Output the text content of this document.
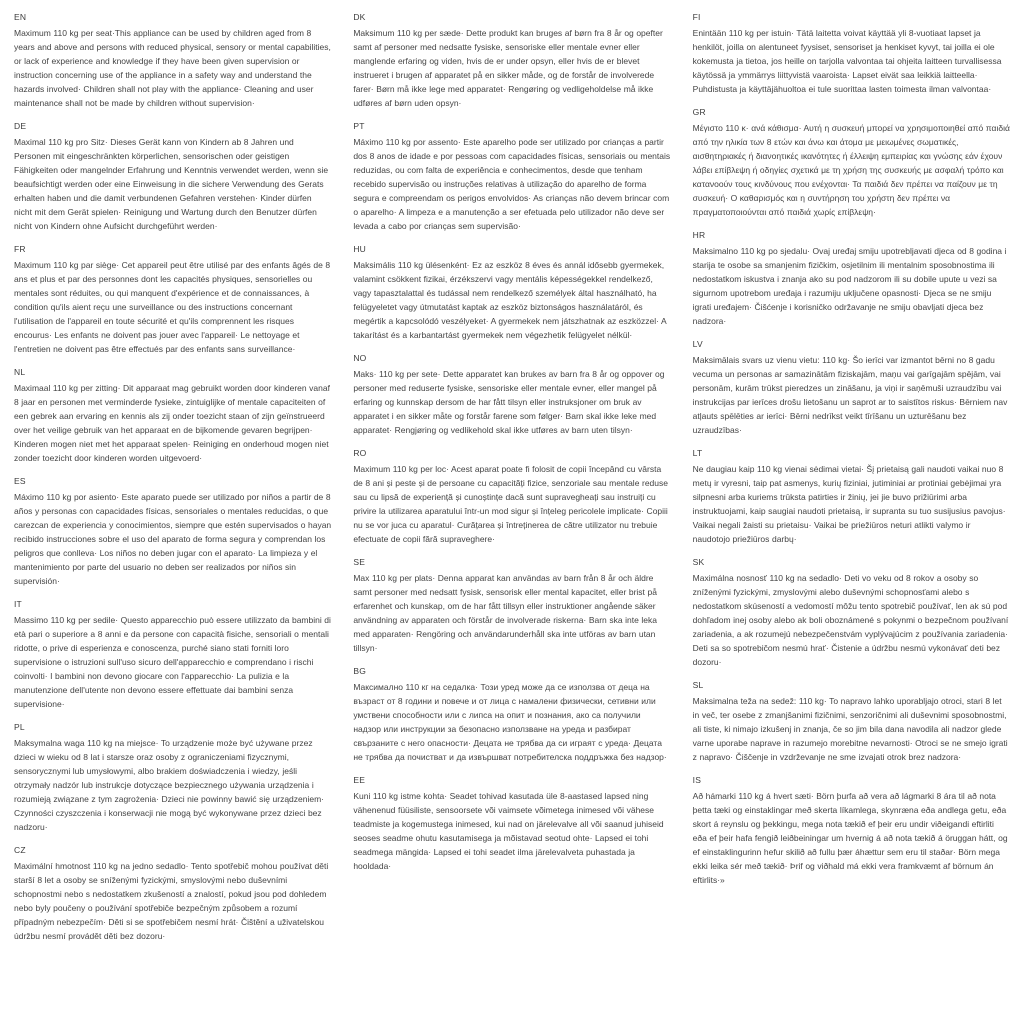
EN

Maximum 110 kg per seat·This appliance can be used by children aged from 8 years and above and persons with reduced physical, sensory or mental capabilities, or lack of experience and knowledge if they have been given supervision or instruction concerning use of the appliance in a safety way and understand the hazards involved· Children shall not play with the appliance· Cleaning and user maintenance shall not be made by children without supervision·

DE

Maximal 110 kg pro Sitz· Dieses Gerät kann von Kindern ab 8 Jahren und Personen mit eingeschränkten körperlichen, sensorischen oder geistigen Fähigkeiten oder mangelnder Erfahrung und Kenntnis verwendet werden, wenn sie beaufsichtigt werden oder eine Einweisung in die sichere Verwendung des Gerats erhalten haben und die damit verbundenen Gefahren verstehen· Kinder dürfen nicht mit dem Gerät spielen· Reinigung und Wartung durch den Benutzer dürfen nicht von Kindern ohne Aufsicht durchgeführt werden·

FR

Maximum 110 kg par siège· Cet appareil peut être utilisé par des enfants âgés de 8 ans et plus et par des personnes dont les capacités physiques, sensorielles ou mentales sont réduites, ou qui manquent d'expérience et de connaissances, à condition qu'ils aient reçu une surveillance ou des instructions concernant l'utilisation de l'appareil en toute sécurité et qu'ils comprennent les risques encourus· Les enfants ne doivent pas jouer avec l'appareil· Le nettoyage et l'entretien ne doivent pas être effectués par des enfants sans surveillance·

NL

Maximaal 110 kg per zitting· Dit apparaat mag gebruikt worden door kinderen vanaf 8 jaar en personen met verminderde fysieke, zintuiglijke of mentale capaciteiten of een gebrek aan ervaring en kennis als zij onder toezicht staan of zijn geïnstrueerd over het veilige gebruik van het apparaat en de bijkomende gevaren begrijpen· Kinderen mogen niet met het apparaat spelen· Reiniging en onderhoud mogen niet zonder toezicht door kinderen worden uitgevoerd·

ES

Máximo 110 kg por asiento· Este aparato puede ser utilizado por niños a partir de 8 años y personas con capacidades físicas, sensoriales o mentales reducidas, o que carezcan de experiencia y conocimientos, siempre que estén supervisados o hayan recibido instrucciones sobre el uso del aparato de forma segura y comprendan los peligros que conlleva· Los niños no deben jugar con el aparato· La limpieza y el mantenimiento por parte del usuario no deben ser realizados por niños sin supervisión·

IT

Massimo 110 kg per sedile· Questo apparecchio può essere utilizzato da bambini di età pari o superiore a 8 anni e da persone con capacità fisiche, sensoriali o mentali ridotte, o prive di esperienza e conoscenza, purché siano stati forniti loro supervisione o istruzioni sull'uso sicuro dell'apparecchio e comprendano i rischi coinvolti· I bambini non devono giocare con l'apparecchio· La pulizia e la manutenzione dell'utente non devono essere effettuate dai bambini senza supervisione·

PL

Maksymalna waga 110 kg na miejsce· To urządzenie może być używane przez dzieci w wieku od 8 lat i starsze oraz osoby z ograniczeniami fizycznymi, sensorycznymi lub umysłowymi, albo brakiem doświadczenia i wiedzy, jeśli otrzymały nadzór lub instrukcje dotyczące bezpiecznego używania urządzenia i rozumieją związane z tym zagrożenia· Dzieci nie powinny bawić się urządzeniem· Czynności czyszczenia i konserwacji nie mogą być wykonywane przez dzieci bez nadzoru·

CZ

Maximální hmotnost 110 kg na jedno sedadlo· Tento spotřebič mohou používat děti starší 8 let a osoby se sníženými fyzickými, smyslovými nebo duševními schopnostmi nebo s nedostatkem zkušeností a znalostí, pokud jsou pod dohledem nebo byly poučeny o používání spotřebiče bezpečným způsobem a rozumí případným nebezpečím· Děti si se spotřebičem nesmí hrát· Čištění a uživatelskou údržbu nesmí provádět děti bez dozoru·

DK

Maksimum 110 kg per sæde· Dette produkt kan bruges af børn fra 8 år og opefter samt af personer med nedsatte fysiske, sensoriske eller mentale evner eller manglende erfaring og viden, hvis de er under opsyn, eller hvis de er blevet instrueret i brugen af apparatet på en sikker måde, og de forstår de involverede farer· Børn må ikke lege med apparatet· Rengøring og vedligeholdelse må ikke udføres af børn uden opsyn·

PT

Máximo 110 kg por assento· Este aparelho pode ser utilizado por crianças a partir dos 8 anos de idade e por pessoas com capacidades físicas, sensoriais ou mentais reduzidas, ou com falta de experiência e conhecimentos, desde que tenham recebido supervisão ou instruções relativas à utilização do aparelho de forma segura e compreendam os perigos envolvidos· As crianças não devem brincar com o aparelho· A limpeza e a manutenção a ser efetuada pelo utilizador não deve ser levada a cabo por crianças sem supervisão·

HU

Maksimális 110 kg ülésenként· Ez az eszköz 8 éves és annál idősebb gyermekek, valamint csökkent fizikai, érzékszervi vagy mentális képességekkel rendelkező, vagy tapasztalattal és tudással nem rendelkező személyek által használható, ha felügyeletet vagy útmutatást kaptak az eszköz biztonságos használatáról, és megértik a kapcsolódó veszélyeket· A gyermekek nem játszhatnak az eszközzel· A takarítást és a karbantartást gyermekek nem végezhetik felügyelet nélkül·

NO

Maks· 110 kg per sete· Dette apparatet kan brukes av barn fra 8 år og oppover og personer med reduserte fysiske, sensoriske eller mentale evner, eller mangel på erfaring og kunnskap dersom de har fått tilsyn eller instruksjoner om bruk av apparatet i en sikker måte og forstår farene som følger· Barn skal ikke leke med apparatet· Rengjøring og vedlikehold skal ikke utføres av barn uten tilsyn·

RO

Maximum 110 kg per loc· Acest aparat poate fi folosit de copii începând cu vârsta de 8 ani și peste și de persoane cu capacități fizice, senzoriale sau mentale reduse sau cu lipsă de experiență și cunoștințe dacă sunt supravegheați sau instruiți cu privire la utilizarea aparatului într-un mod sigur și înțeleg pericolele implicate· Copiii nu se vor juca cu aparatul· Curățarea și întreținerea de către utilizator nu trebuie efectuate de copii fără supraveghere·

SE

Max 110 kg per plats· Denna apparat kan användas av barn från 8 år och äldre samt personer med nedsatt fysisk, sensorisk eller mental kapacitet, eller brist på erfarenhet och kunskap, om de har fått tillsyn eller instruktioner angående säker användning av apparaten och förstår de involverade riskerna· Barn ska inte leka med apparaten· Rengöring och användarunderhåll ska inte utföras av barn utan tillsyn·

BG

Максимално 110 кг на седалка· Този уред може да се използва от деца на възраст от 8 години и повече и от лица с намалени физически, сетивни или умствени способности или с липса на опит и познания, ако са получили надзор или инструкции за безопасно използване на уреда и разбират свързаните с него опасности· Децата не трябва да си играят с уреда· Децата не трябва да почистват и да извършват потребителска поддръжка без надзор·

EE

Kuni 110 kg istme kohta· Seadet tohivad kasutada üle 8-aastased lapsed ning vähenenud füüsiliste, sensoorsete või vaimsete võimetega inimesed või vähese teadmiste ja kogemustega inimesed, kui nad on järelevalve all või saanud juhiseid seoses seadme ohutu kasutamisega ja mõistavad seotud ohte· Lapsed ei tohi seadmega mängida· Lapsed ei tohi seadet ilma järelevalveta puhastada ja hooldada·

FI

Enintään 110 kg per istuin· Tätä laitetta voivat käyttää yli 8-vuotiaat lapset ja henkilöt, joilla on alentuneet fyysiset, sensoriset ja henkiset kyvyt, tai joilla ei ole kokemusta ja tietoa, jos heille on tarjolla valvontaa tai ohjeita laitteen turvallisessa käytössä ja ymmärrys liittyvistä vaaroista· Lapset eivät saa leikkiä laitteella· Puhdistusta ja käyttäjähuoltoa ei tule suorittaa lasten toimesta ilman valvontaa·

GR

Μέγιστο 110 κ· ανά κάθισμα· Αυτή η συσκευή μπορεί να χρησιμοποιηθεί από παιδιά από την ηλικία των 8 ετών και άνω και άτομα με μειωμένες σωματικές, αισθητηριακές ή διανοητικές ικανότητες ή έλλειψη εμπειρίας και γνώσης εάν έχουν λάβει επίβλεψη ή οδηγίες σχετικά με τη χρήση της συσκευής με ασφαλή τρόπο και κατανοούν τους κινδύνους που ενέχονται· Τα παιδιά δεν πρέπει να παίζουν με τη συσκευή· Ο καθαρισμός και η συντήρηση του χρήστη δεν πρέπει να πραγματοποιούνται από παιδιά χωρίς επίβλεψη·

HR

Maksimalno 110 kg po sjedalu· Ovaj uređaj smiju upotrebljavati djeca od 8 godina i starija te osobe sa smanjenim fizičkim, osjetilnim ili mentalnim sposobnostima ili nedostatkom iskustva i znanja ako su pod nadzorom ili su dobile upute u vezi sa sigurnom upotrebom uređaja i razumiju uključene opasnosti· Djeca se ne smiju igrati uređajem· Čišćenje i korisničko održavanje ne smiju obavljati djeca bez nadzora·

LV

Maksimālais svars uz vienu vietu: 110 kg· Šo ierīci var izmantot bērni no 8 gadu vecuma un personas ar samazinātām fiziskajām, maņu vai garīgajām spējām, vai personām, kurām trūkst pieredzes un zināšanu, ja viņi ir saņēmuši uzraudzību vai instrukcijas par ierīces drošu lietošanu un saprot ar to saistītos riskus· Bērniem nav atļauts spēlēties ar ierīci· Bērni nedrīkst veikt tīrīšanu un uzturēšanu bez uzraudzības·

LT

Ne daugiau kaip 110 kg vienai sėdimai vietai· Šį prietaisą gali naudoti vaikai nuo 8 metų ir vyresni, taip pat asmenys, kurių fiziniai, jutiminiai ar protiniai gebėjimai yra silpnesni arba kuriems trūksta patirties ir žinių, jei jie buvo prižiūrimi arba instruktuojami, kaip saugiai naudoti prietaisą, ir supranta su tuo susijusius pavojus· Vaikai negali žaisti su prietaisu· Vaikai be priežiūros neturi atlikti valymo ir naudotojo priežiūros darbų·

SK

Maximálna nosnosť 110 kg na sedadlo· Deti vo veku od 8 rokov a osoby so zníženými fyzickými, zmyslovými alebo duševnými schopnosťami alebo s nedostatkom skúseností a vedomostí môžu tento spotrebič používať, len ak sú pod dohľadom inej osoby alebo ak boli oboznámené s pokynmi o bezpečnom používaní zariadenia, a ak rozumejú nebezpečenstvám vyplývajúcim z používania zariadenia· Deti sa so spotrebičom nesmú hrať· Čistenie a údržbu nesmú vykonávať deti bez dozoru·

SL

Maksimalna teža na sedež: 110 kg· To napravo lahko uporabljajo otroci, stari 8 let in več, ter osebe z zmanjšanimi fizičnimi, senzoričnimi ali duševnimi sposobnostmi, ali tiste, ki nimajo izkušenj in znanja, če so jim bila dana navodila ali nadzor glede varne uporabe naprave in razumejo morebitne nevarnosti· Otroci se ne smejo igrati z napravo· Čiščenje in vzdrževanje ne sme izvajati otrok brez nadzora·

IS

Að hámarki 110 kg á hvert sæti· Börn þurfa að vera að lágmarki 8 ára til að nota þetta tæki og einstaklingar með skerta líkamlega, skynræna eða andlega getu, eða skort á reynslu og þekkingu, mega nota tækið ef þeir eru undir viðeigandi eftirliti eða ef þeir hafa fengið leiðbeiningar um hvernig á að nota tækið á öruggan hátt, og ef einstaklingurinn hefur skilið að fullu þær áhættur sem eru til staðar· Börn mega ekki leika sér með tækið· Þrif og viðhald má ekki vera framkvæmt af börnum án eftirlits·»
